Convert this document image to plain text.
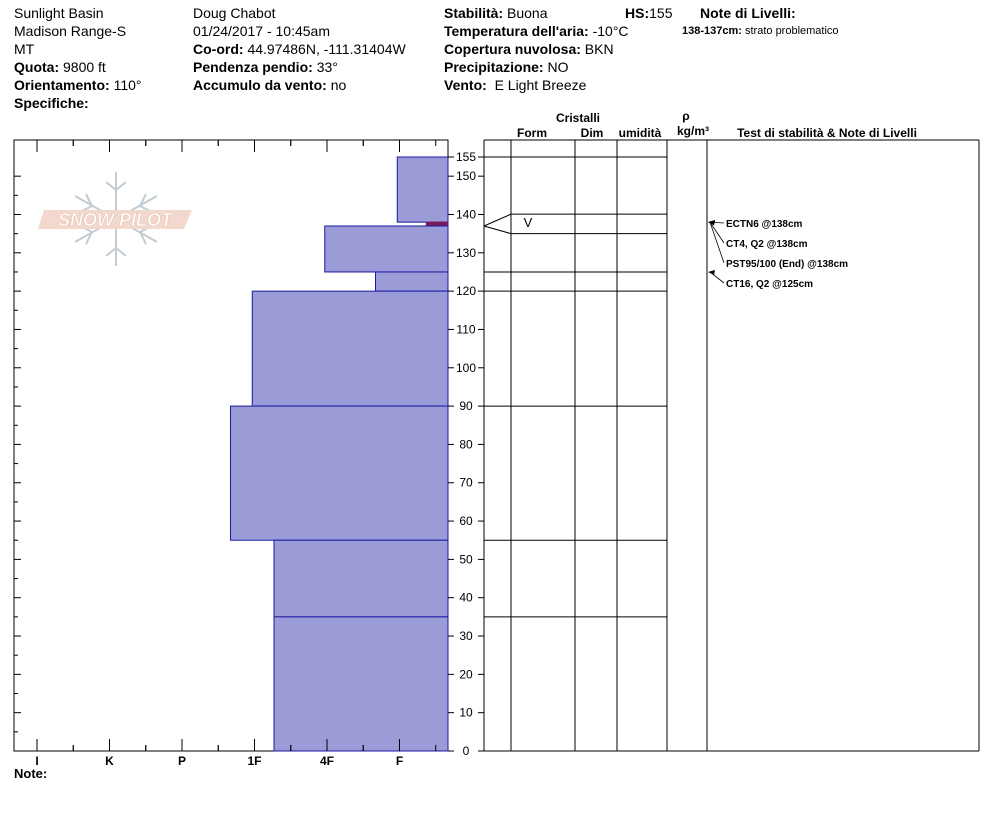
Sunlight Basin
Madison Range-S
MT
Quota: 9800 ft
Orientamento: 110°
Specifiche:
Doug Chabot
01/24/2017 - 10:45am
Co-ord: 44.97486N, -111.31404W
Pendenza pendio: 33°
Accumulo da vento: no
Stabilità: Buona
Temperatura dell'aria: -10°C
Copertura nuvolosa: BKN
Precipitazione: NO
Vento: E Light Breeze
HS:155 Note di Livelli:
138-137cm: strato problematico
SNOW PILOT
0
10
20
30
40
50
60
70
80
90
100
110
120
130
140
150
155
V	ECTN6 @138cm
CT4, Q2 @138cm
PST95/100 (End) @138cm
CT16, Q2 @125cm
Cristalli
Form	Dim umidità
ρ
kg/m³ Test di stabilità & Note di Livelli
I	K	P	1F	4F	F
Note:
